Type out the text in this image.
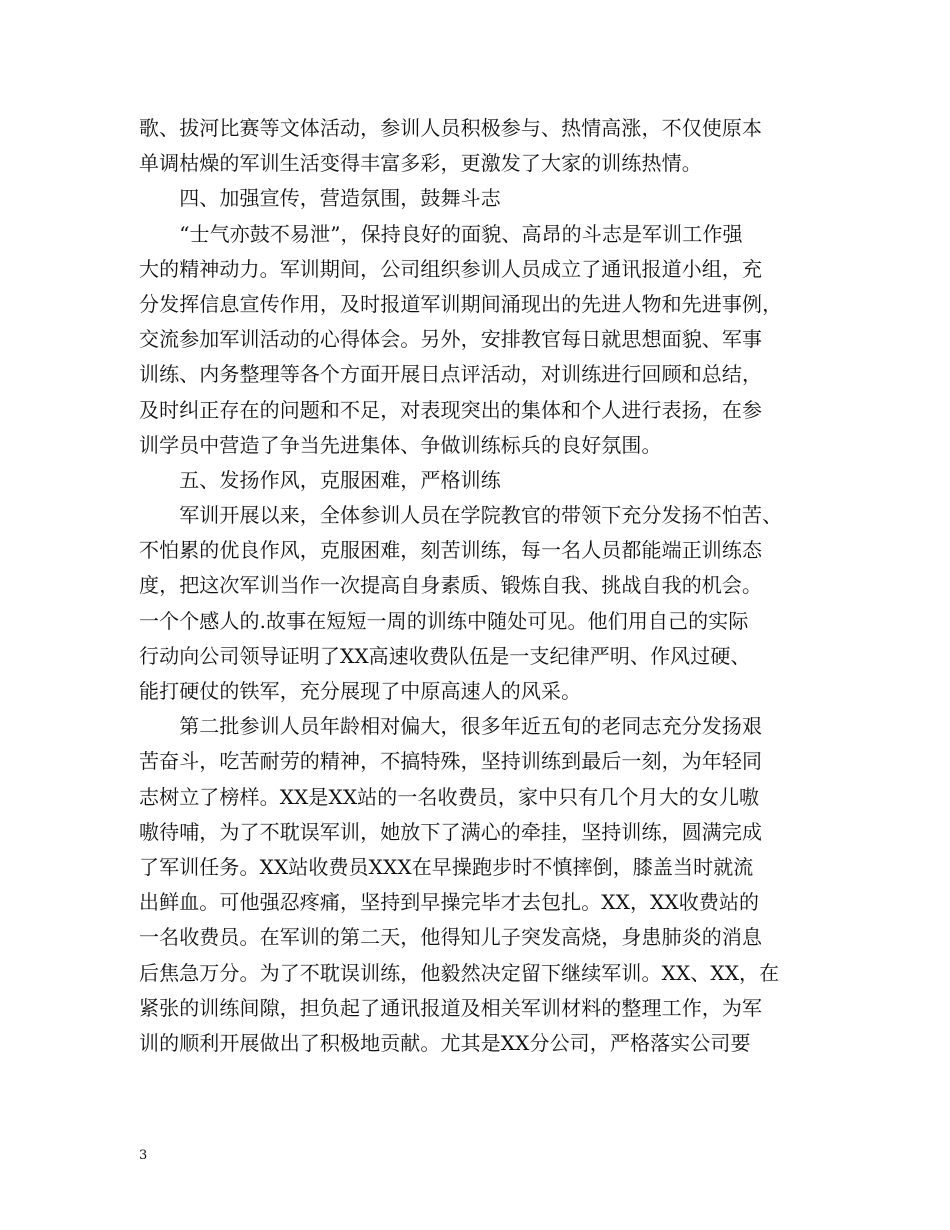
歌、拔河比赛等文体活动，参训人员积极参与、热情高涨，不仅使原本
单调枯燥的军训生活变得丰富多彩，更激发了大家的训练热情。
　　四、加强宣传，营造氛围，鼓舞斗志
　　“士气亦鼓不易泄”，保持良好的面貌、高昂的斗志是军训工作强
大的精神动力。军训期间，公司组织参训人员成立了通讯报道小组，充
分发挥信息宣传作用，及时报道军训期间涌现出的先进人物和先进事例，
交流参加军训活动的心得体会。另外，安排教官每日就思想面貌、军事
训练、内务整理等各个方面开展日点评活动，对训练进行回顾和总结，
及时纠正存在的问题和不足，对表现突出的集体和个人进行表扬，在参
训学员中营造了争当先进集体、争做训练标兵的良好氛围。
　　五、发扬作风，克服困难，严格训练
　　军训开展以来，全体参训人员在学院教官的带领下充分发扬不怕苦、
不怕累的优良作风，克服困难，刻苦训练，每一名人员都能端正训练态
度，把这次军训当作一次提高自身素质、锻炼自我、挑战自我的机会。
一个个感人的.故事在短短一周的训练中随处可见。他们用自己的实际
行动向公司领导证明了XX高速收费队伍是一支纪律严明、作风过硬、
能打硬仗的铁军，充分展现了中原高速人的风采。
　　第二批参训人员年龄相对偏大，很多年近五旬的老同志充分发扬艰
苦奋斗，吃苦耐劳的精神，不搞特殊，坚持训练到最后一刻，为年轻同
志树立了榜样。XX是XX站的一名收费员，家中只有几个月大的女儿嗷
嗷待哺，为了不耽误军训，她放下了满心的牵挂，坚持训练，圆满完成
了军训任务。XX站收费员XXX在早操跑步时不慎摔倒，膝盖当时就流
出鲜血。可他强忍疼痛，坚持到早操完毕才去包扎。XX，XX收费站的
一名收费员。在军训的第二天，他得知儿子突发高烧，身患肺炎的消息
后焦急万分。为了不耽误训练，他毅然决定留下继续军训。XX、XX，在
紧张的训练间隙，担负起了通讯报道及相关军训材料的整理工作，为军
训的顺利开展做出了积极地贡献。尤其是XX分公司，严格落实公司要
3
